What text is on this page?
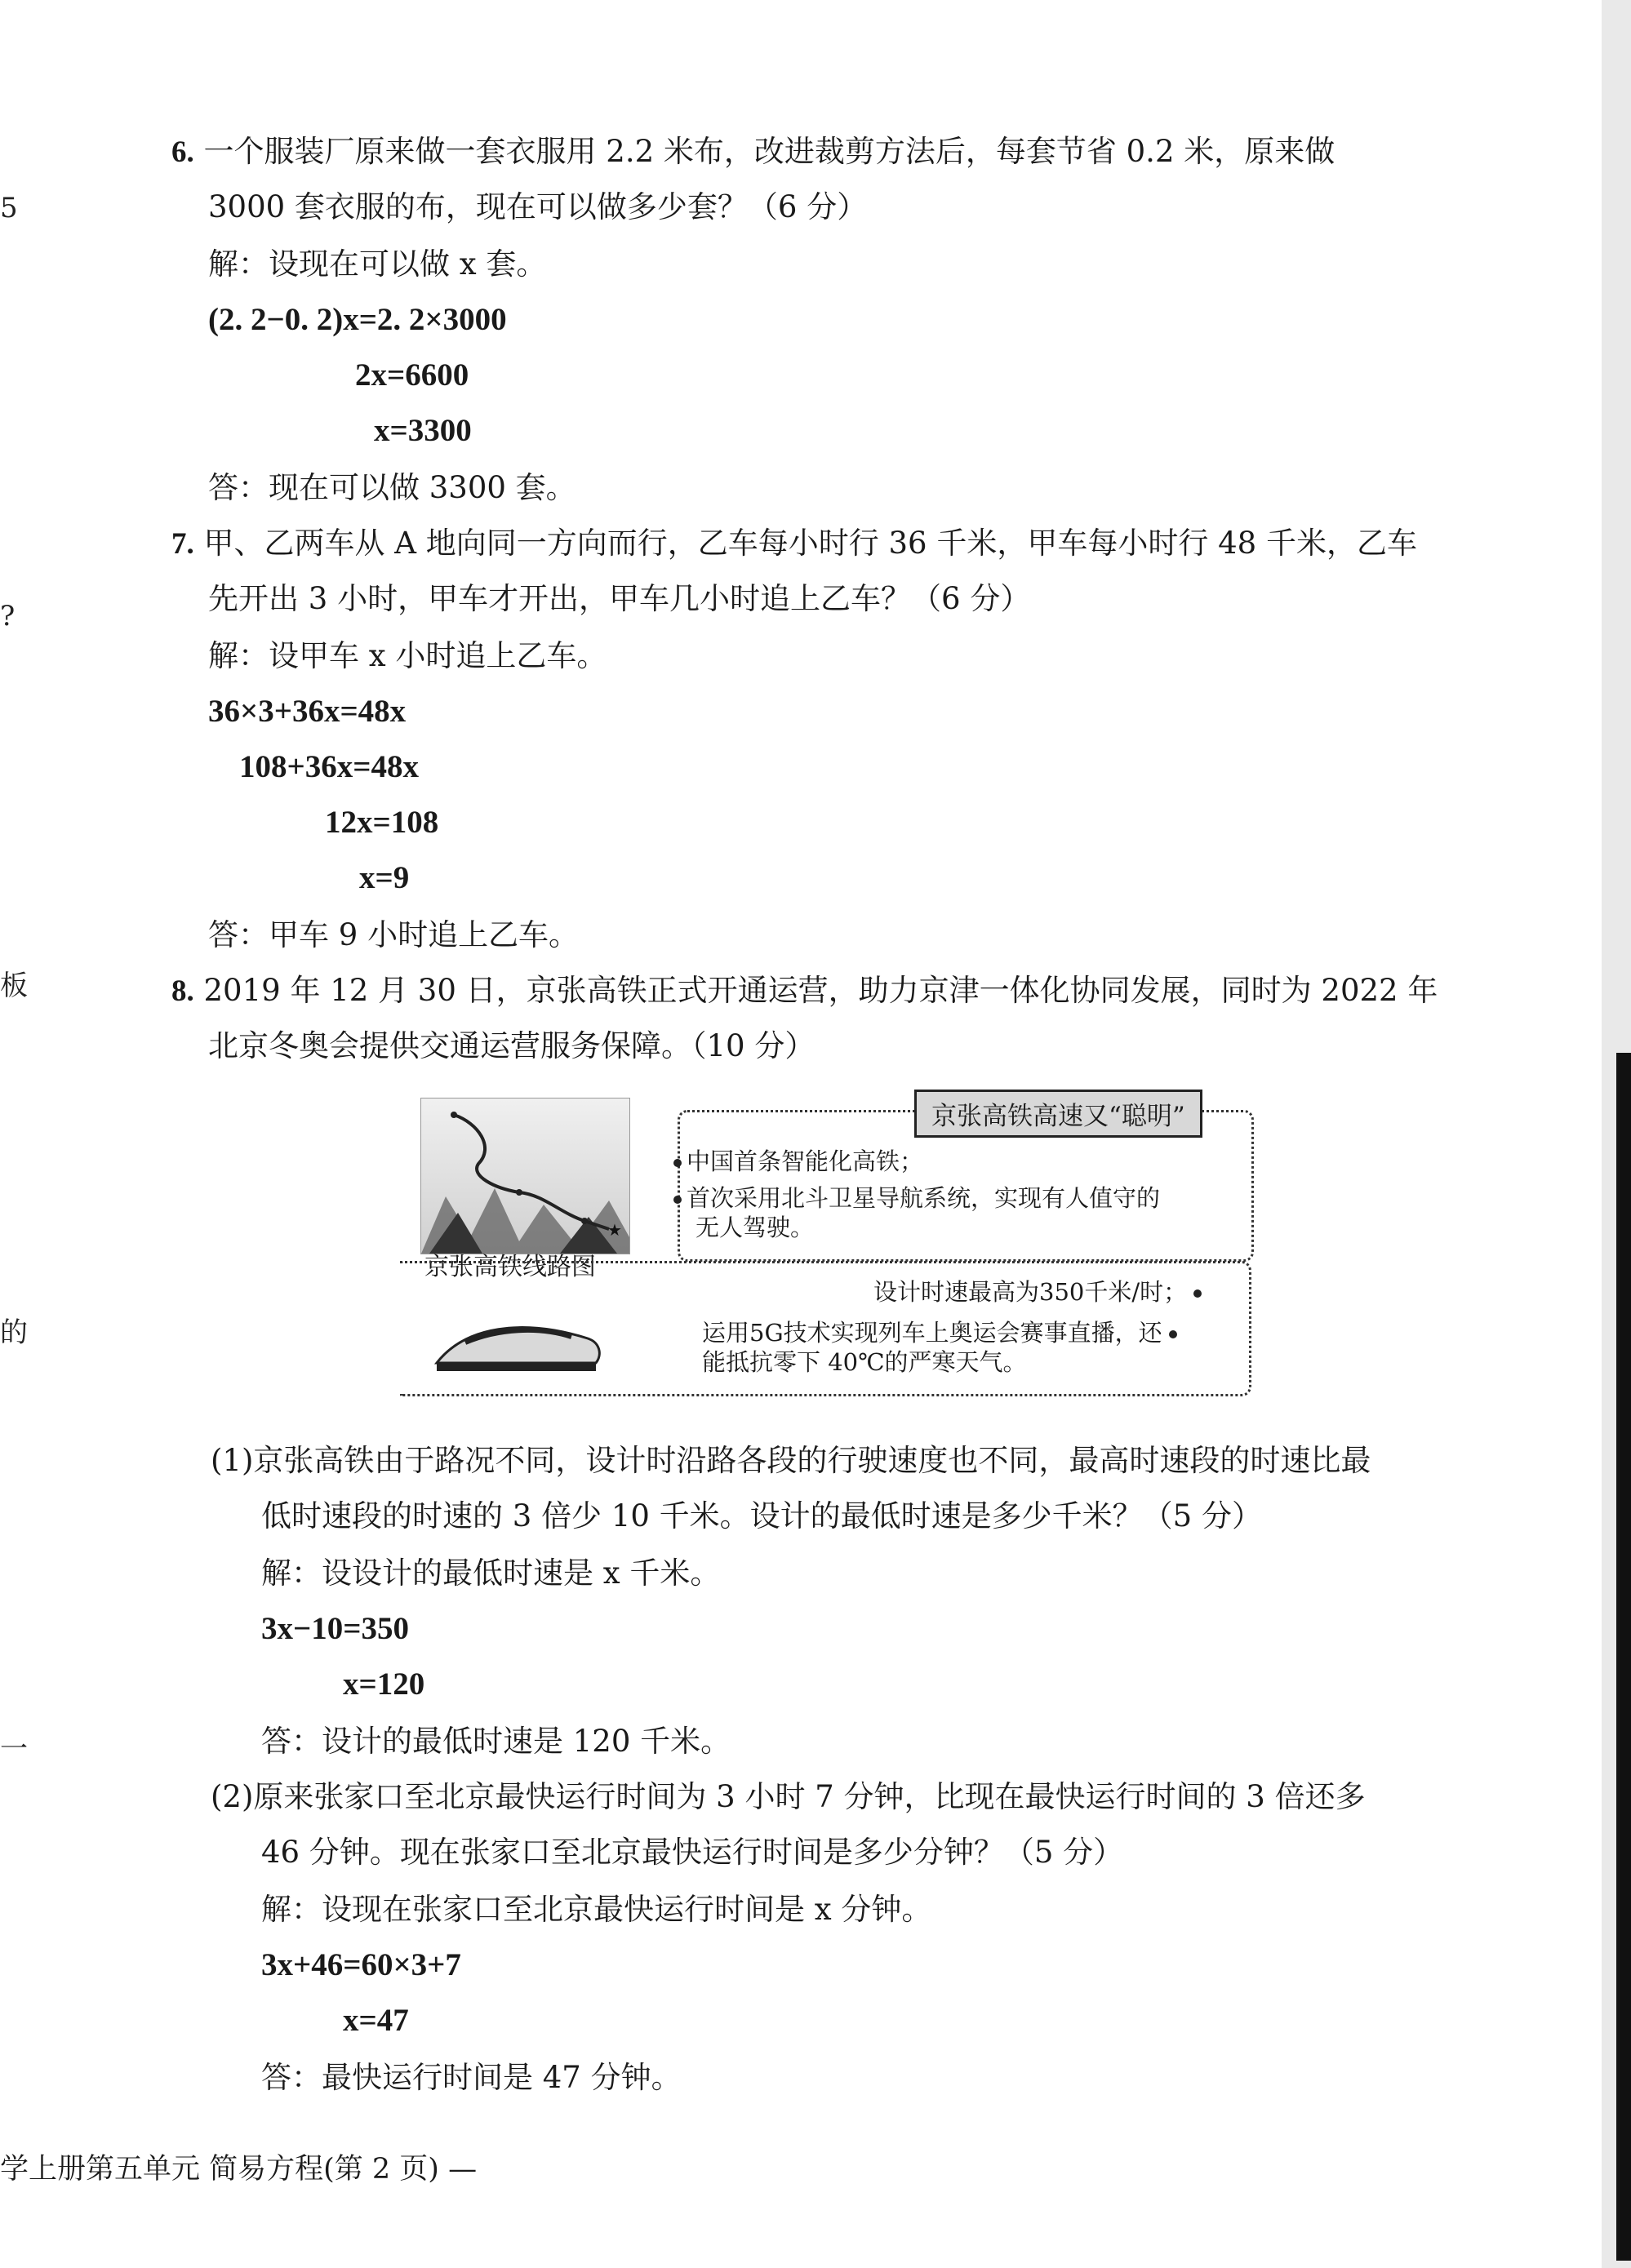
5
?
板
的
一
6. 一个服装厂原来做一套衣服用 2.2 米布，改进裁剪方法后，每套节省 0.2 米，原来做
3000 套衣服的布，现在可以做多少套？（6 分）
解：设现在可以做 x 套。
(2. 2−0. 2)x=2. 2×3000
2x=6600
x=3300
答：现在可以做 3300 套。
7. 甲、乙两车从 A 地向同一方向而行，乙车每小时行 36 千米，甲车每小时行 48 千米，乙车
先开出 3 小时，甲车才开出，甲车几小时追上乙车？（6 分）
解：设甲车 x 小时追上乙车。
36×3+36x=48x
108+36x=48x
12x=108
x=9
答：甲车 9 小时追上乙车。
8. 2019 年 12 月 30 日，京张高铁正式开通运营，助力京津一体化协同发展，同时为 2022 年
北京冬奥会提供交通运营服务保障。（10 分）
★
京张高铁线路图
京张高铁高速又“聪明”
中国首条智能化高铁；
首次采用北斗卫星导航系统，实现有人值守的
无人驾驶。
设计时速最高为350千米/时；
运用5G技术实现列车上奥运会赛事直播，还
能抵抗零下 40℃的严寒天气。
(1)京张高铁由于路况不同，设计时沿路各段的行驶速度也不同，最高时速段的时速比最
低时速段的时速的 3 倍少 10 千米。设计的最低时速是多少千米？（5 分）
解：设设计的最低时速是 x 千米。
3x−10=350
x=120
答：设计的最低时速是 120 千米。
(2)原来张家口至北京最快运行时间为 3 小时 7 分钟，比现在最快运行时间的 3 倍还多
46 分钟。现在张家口至北京最快运行时间是多少分钟？（5 分）
解：设现在张家口至北京最快运行时间是 x 分钟。
3x+46=60×3+7
x=47
答：最快运行时间是 47 分钟。
学上册第五单元 简易方程(第 2 页) —
